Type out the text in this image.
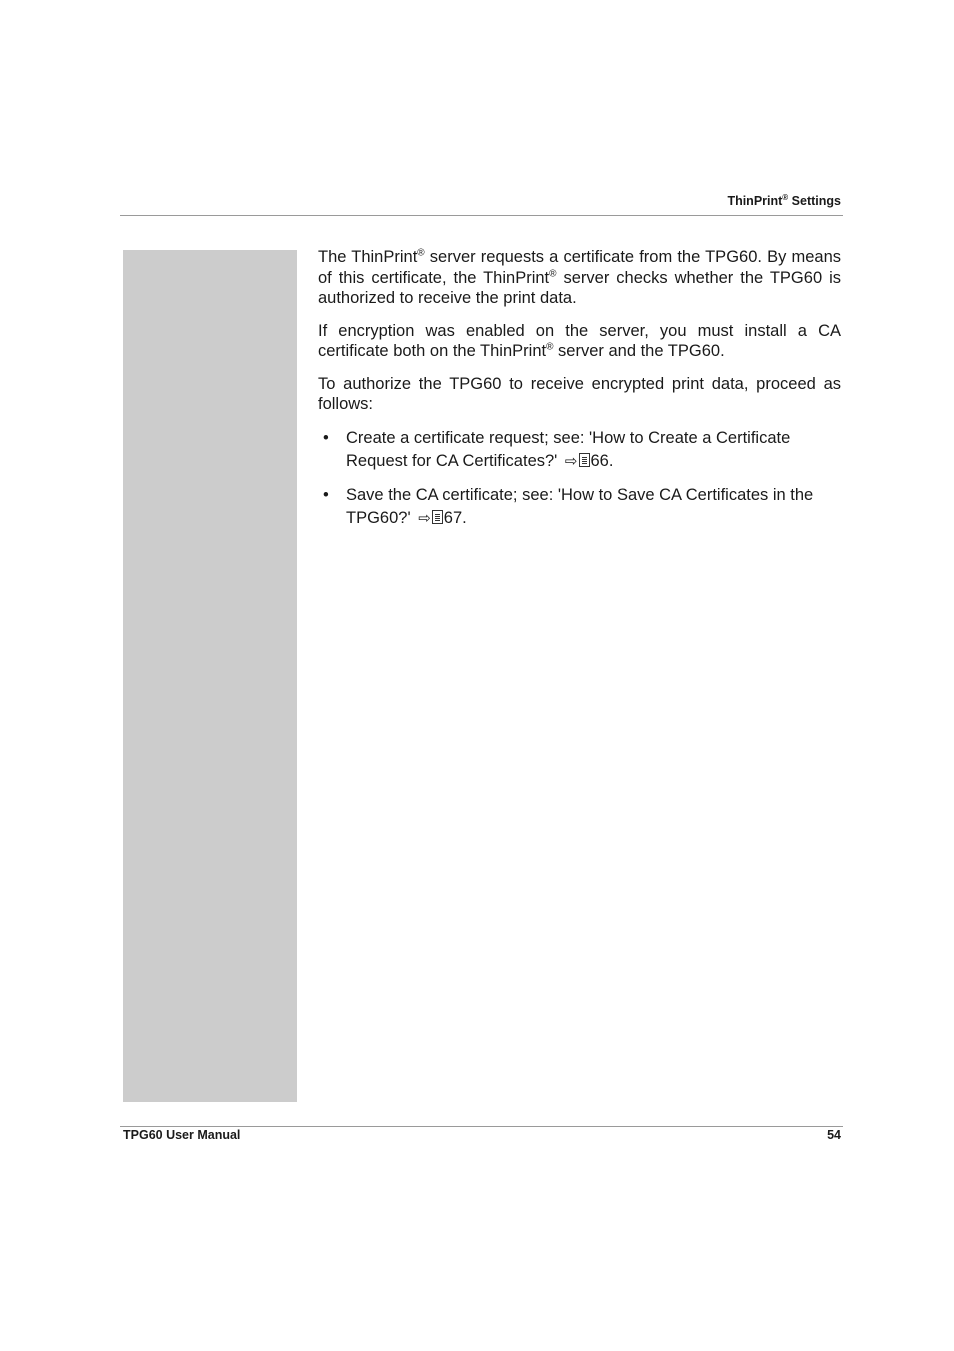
ThinPrint® Settings

The ThinPrint® server requests a certificate from the TPG60. By means of this certificate, the ThinPrint® server checks whether the TPG60 is authorized to receive the print data.

If encryption was enabled on the server, you must install a CA certificate both on the ThinPrint® server and the TPG60.

To authorize the TPG60 to receive encrypted print data, proceed as follows:

• Create a certificate request; see: 'How to Create a Certificate Request for CA Certificates?' ⇨ 66.
• Save the CA certificate; see: 'How to Save CA Certificates in the TPG60?' ⇨ 67.
TPG60 User Manual	54
